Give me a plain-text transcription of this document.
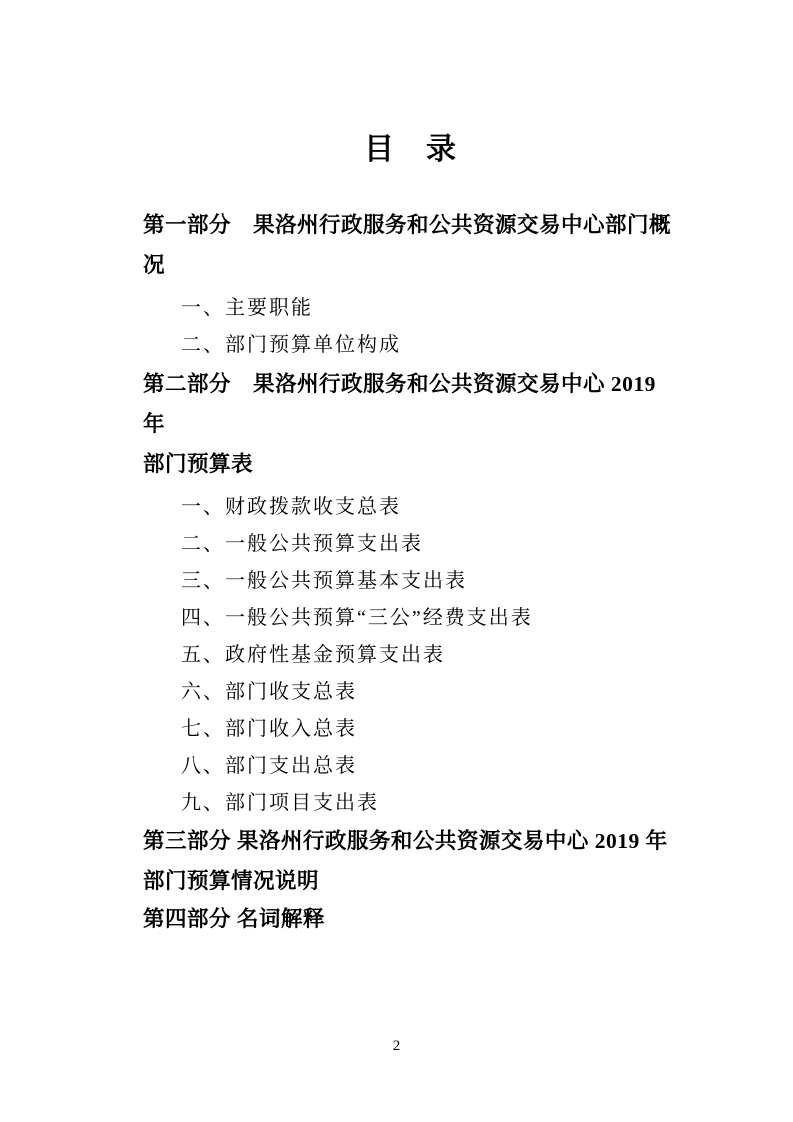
目　录
第一部分　果洛州行政服务和公共资源交易中心部门概况
一、主要职能
二、部门预算单位构成
第二部分　果洛州行政服务和公共资源交易中心 2019 年
部门预算表
一、财政拨款收支总表
二、一般公共预算支出表
三、一般公共预算基本支出表
四、一般公共预算“三公”经费支出表
五、政府性基金预算支出表
六、部门收支总表
七、部门收入总表
八、部门支出总表
九、部门项目支出表
第三部分 果洛州行政服务和公共资源交易中心 2019 年
部门预算情况说明
第四部分 名词解释
2
